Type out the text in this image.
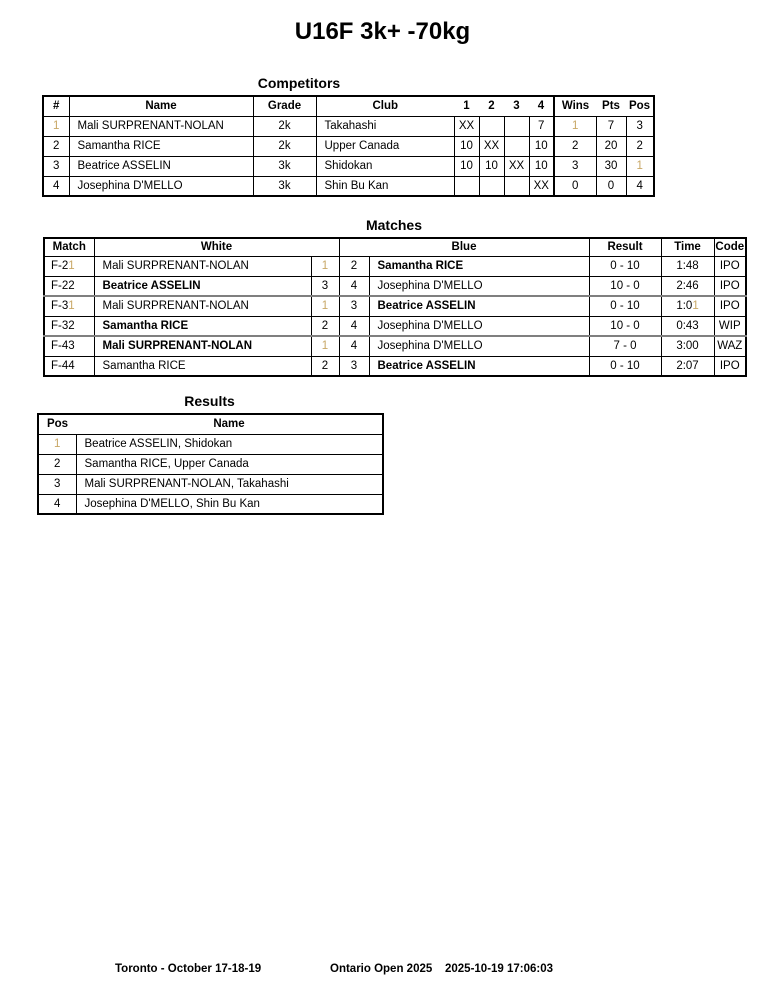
U16F 3k+ -70kg
Competitors
#	Name	Grade	Club	1	2	3	4	Wins	Pts	Pos
1	Mali SURPRENANT-NOLAN	2k	Takahashi	XX			7	1	7	3
2	Samantha RICE	2k	Upper Canada	10	XX		10	2	20	2
3	Beatrice ASSELIN	3k	Shidokan	10	10	XX	10	3	30	1
4	Josephina D'MELLO	3k	Shin Bu Kan				XX	0	0	4
Matches
Match	White		Blue		Result	Time	Code
F-21	Mali SURPRENANT-NOLAN	1	2	Samantha RICE	0 - 10	1:48	IPO
F-22	Beatrice ASSELIN	3	4	Josephina D'MELLO	10 - 0	2:46	IPO
F-31	Mali SURPRENANT-NOLAN	1	3	Beatrice ASSELIN	0 - 10	1:01	IPO
F-32	Samantha RICE	2	4	Josephina D'MELLO	10 - 0	0:43	WIP
F-43	Mali SURPRENANT-NOLAN	1	4	Josephina D'MELLO	7 - 0	3:00	WAZ
F-44	Samantha RICE	2	3	Beatrice ASSELIN	0 - 10	2:07	IPO
Results
Pos	Name
1	Beatrice ASSELIN, Shidokan
2	Samantha RICE, Upper Canada
3	Mali SURPRENANT-NOLAN, Takahashi
4	Josephina D'MELLO, Shin Bu Kan
Toronto - October 17-18-19	Ontario Open 2025 2025-10-19 17:06:03
